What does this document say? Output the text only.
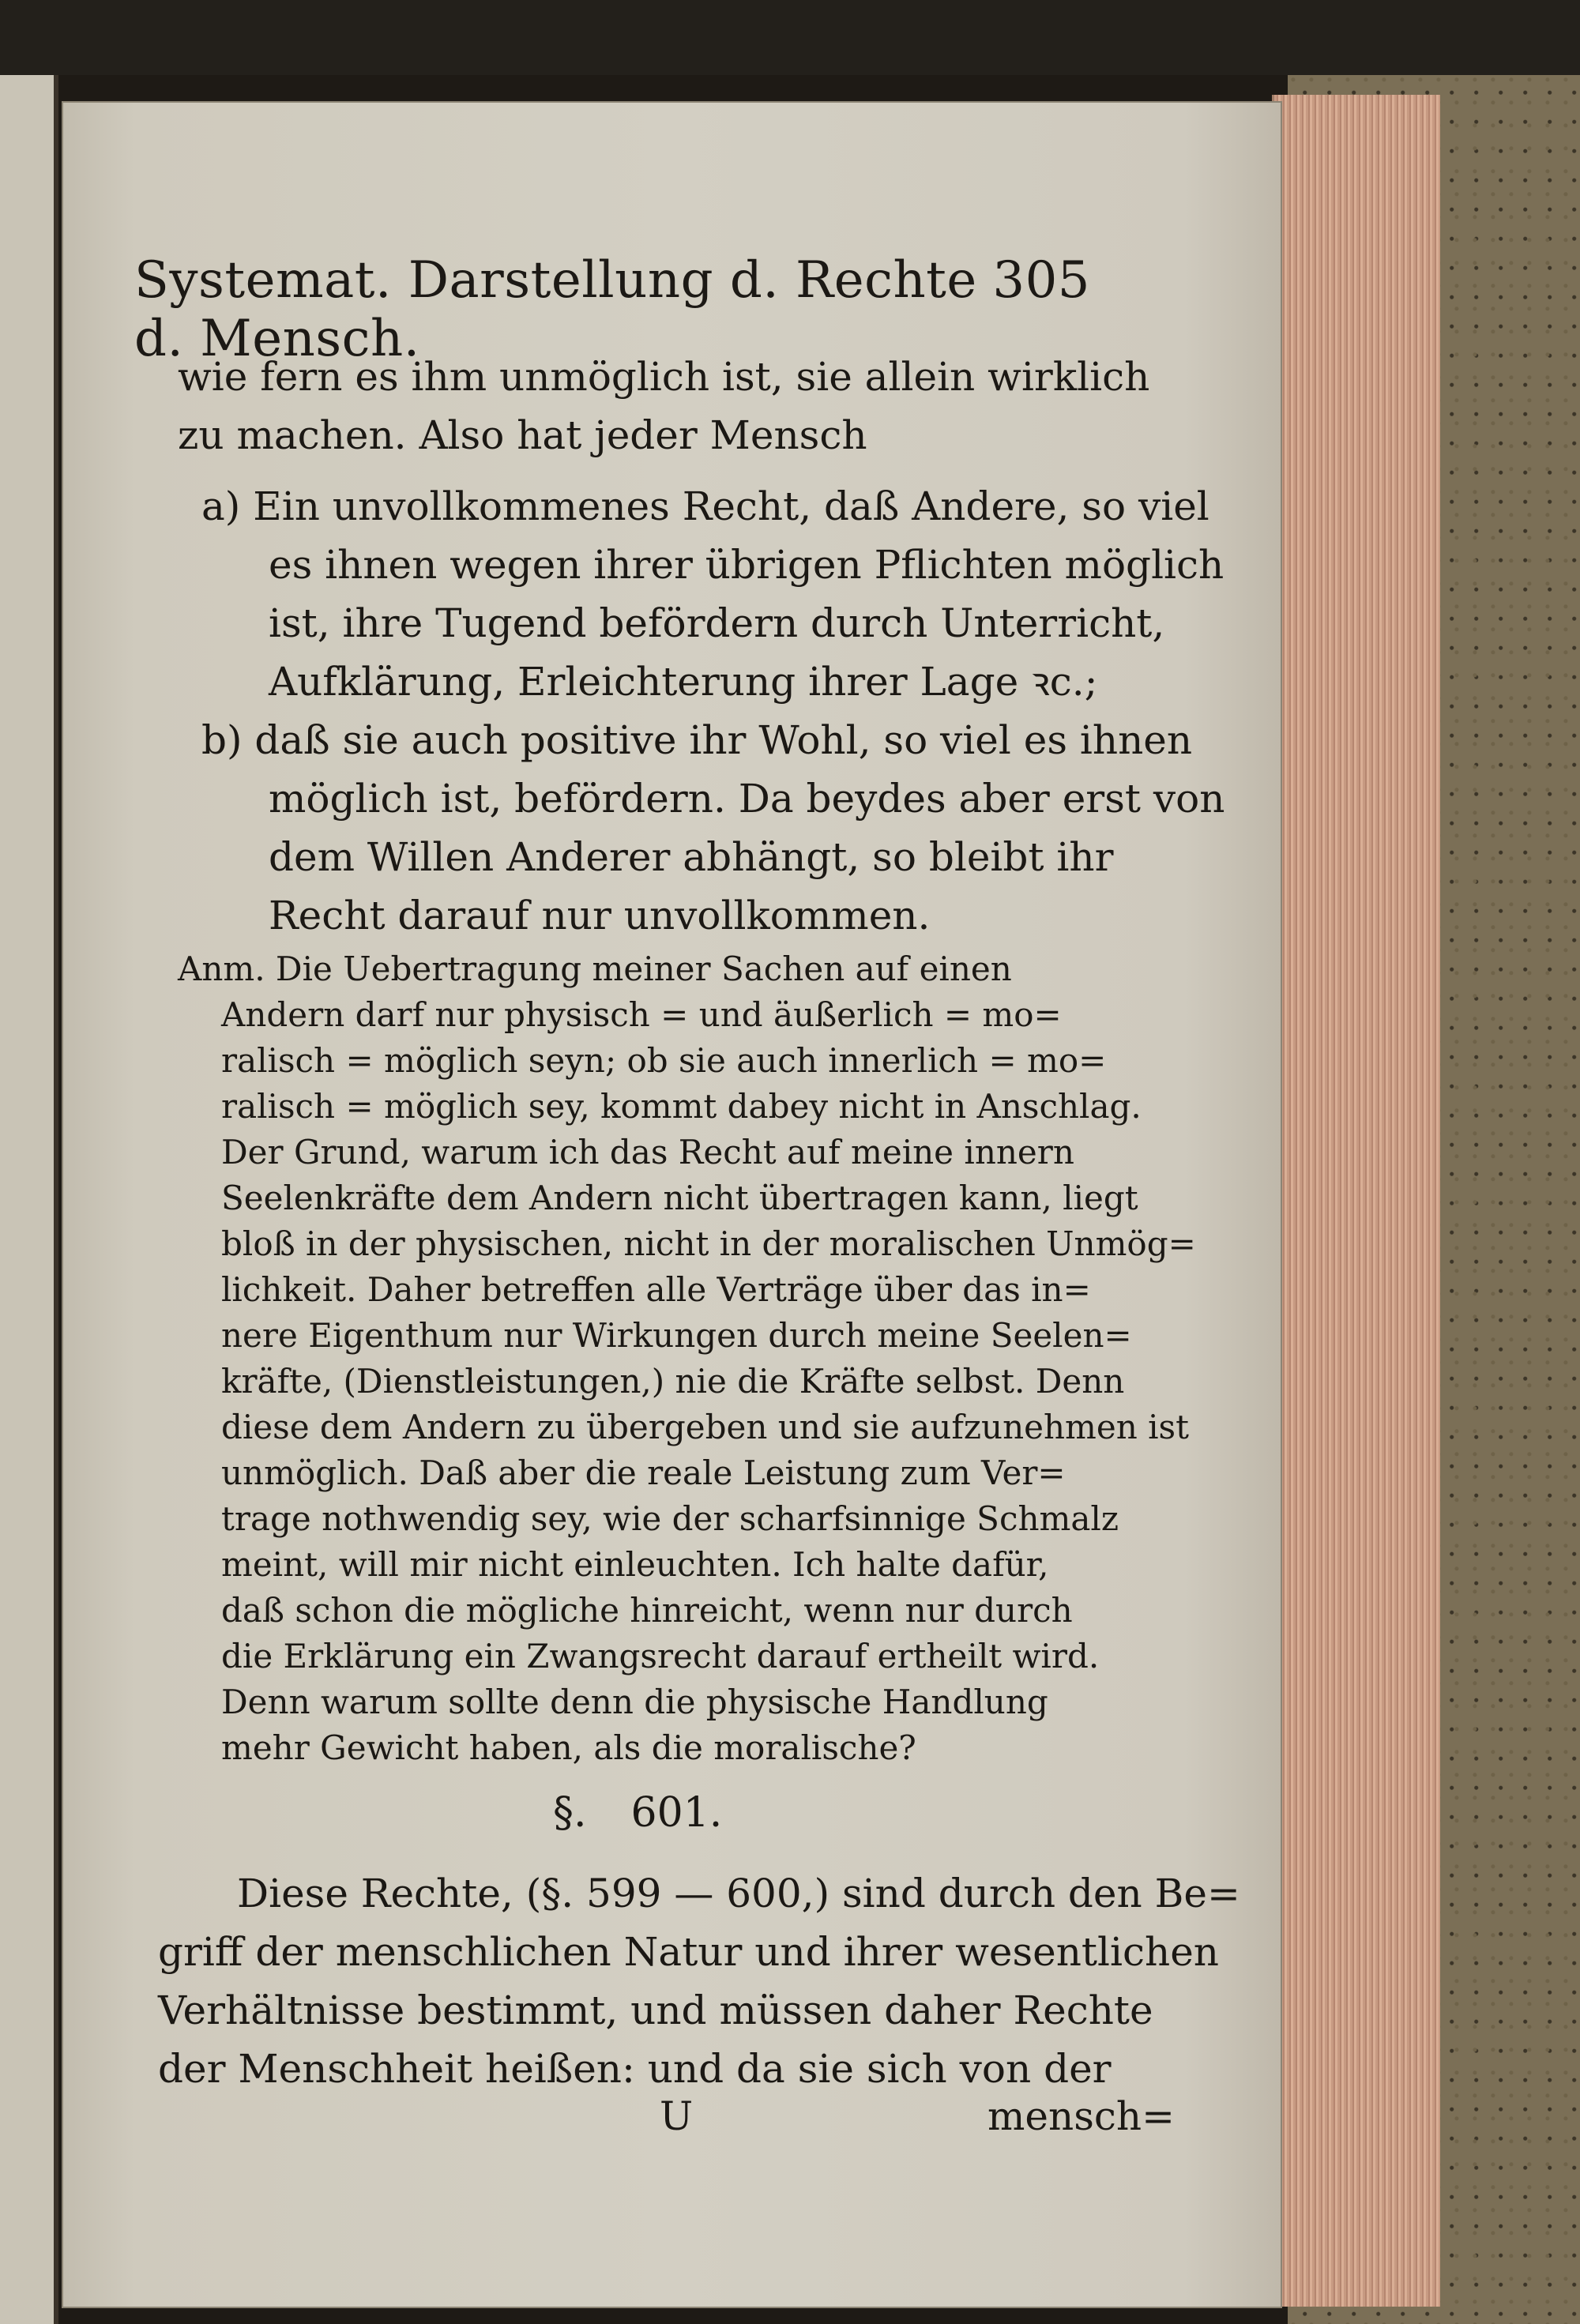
Systemat. Darstellung d. Rechte d. Mensch.
305
wie fern es ihm unmöglich ist, sie allein wirklich
zu machen. Also hat jeder Mensch
a) Ein unvollkommenes Recht, daß Andere, so viel
es ihnen wegen ihrer übrigen Pflichten möglich
ist, ihre Tugend befördern durch Unterricht,
Aufklärung, Erleichterung ihrer Lage ꝛc.;
b) daß sie auch positive ihr Wohl, so viel es ihnen
möglich ist, befördern. Da beydes aber erst von
dem Willen Anderer abhängt, so bleibt ihr
Recht darauf nur unvollkommen.
Anm. Die Uebertragung meiner Sachen auf einen
Andern darf nur physisch = und äußerlich = mo=
ralisch = möglich seyn; ob sie auch innerlich = mo=
ralisch = möglich sey, kommt dabey nicht in Anschlag.
Der Grund, warum ich das Recht auf meine innern
Seelenkräfte dem Andern nicht übertragen kann, liegt
bloß in der physischen, nicht in der moralischen Unmög=
lichkeit. Daher betreffen alle Verträge über das in=
nere Eigenthum nur Wirkungen durch meine Seelen=
kräfte, (Dienstleistungen,) nie die Kräfte selbst. Denn
diese dem Andern zu übergeben und sie aufzunehmen ist
unmöglich. Daß aber die reale Leistung zum Ver=
trage nothwendig sey, wie der scharfsinnige Schmalz
meint, will mir nicht einleuchten. Ich halte dafür,
daß schon die mögliche hinreicht, wenn nur durch
die Erklärung ein Zwangsrecht darauf ertheilt wird.
Denn warum sollte denn die physische Handlung
mehr Gewicht haben, als die moralische?
§. 601.
Diese Rechte, (§. 599 — 600,) sind durch den Be=
griff der menschlichen Natur und ihrer wesentlichen
Verhältnisse bestimmt, und müssen daher Rechte
der Menschheit heißen: und da sie sich von der
U	mensch=
